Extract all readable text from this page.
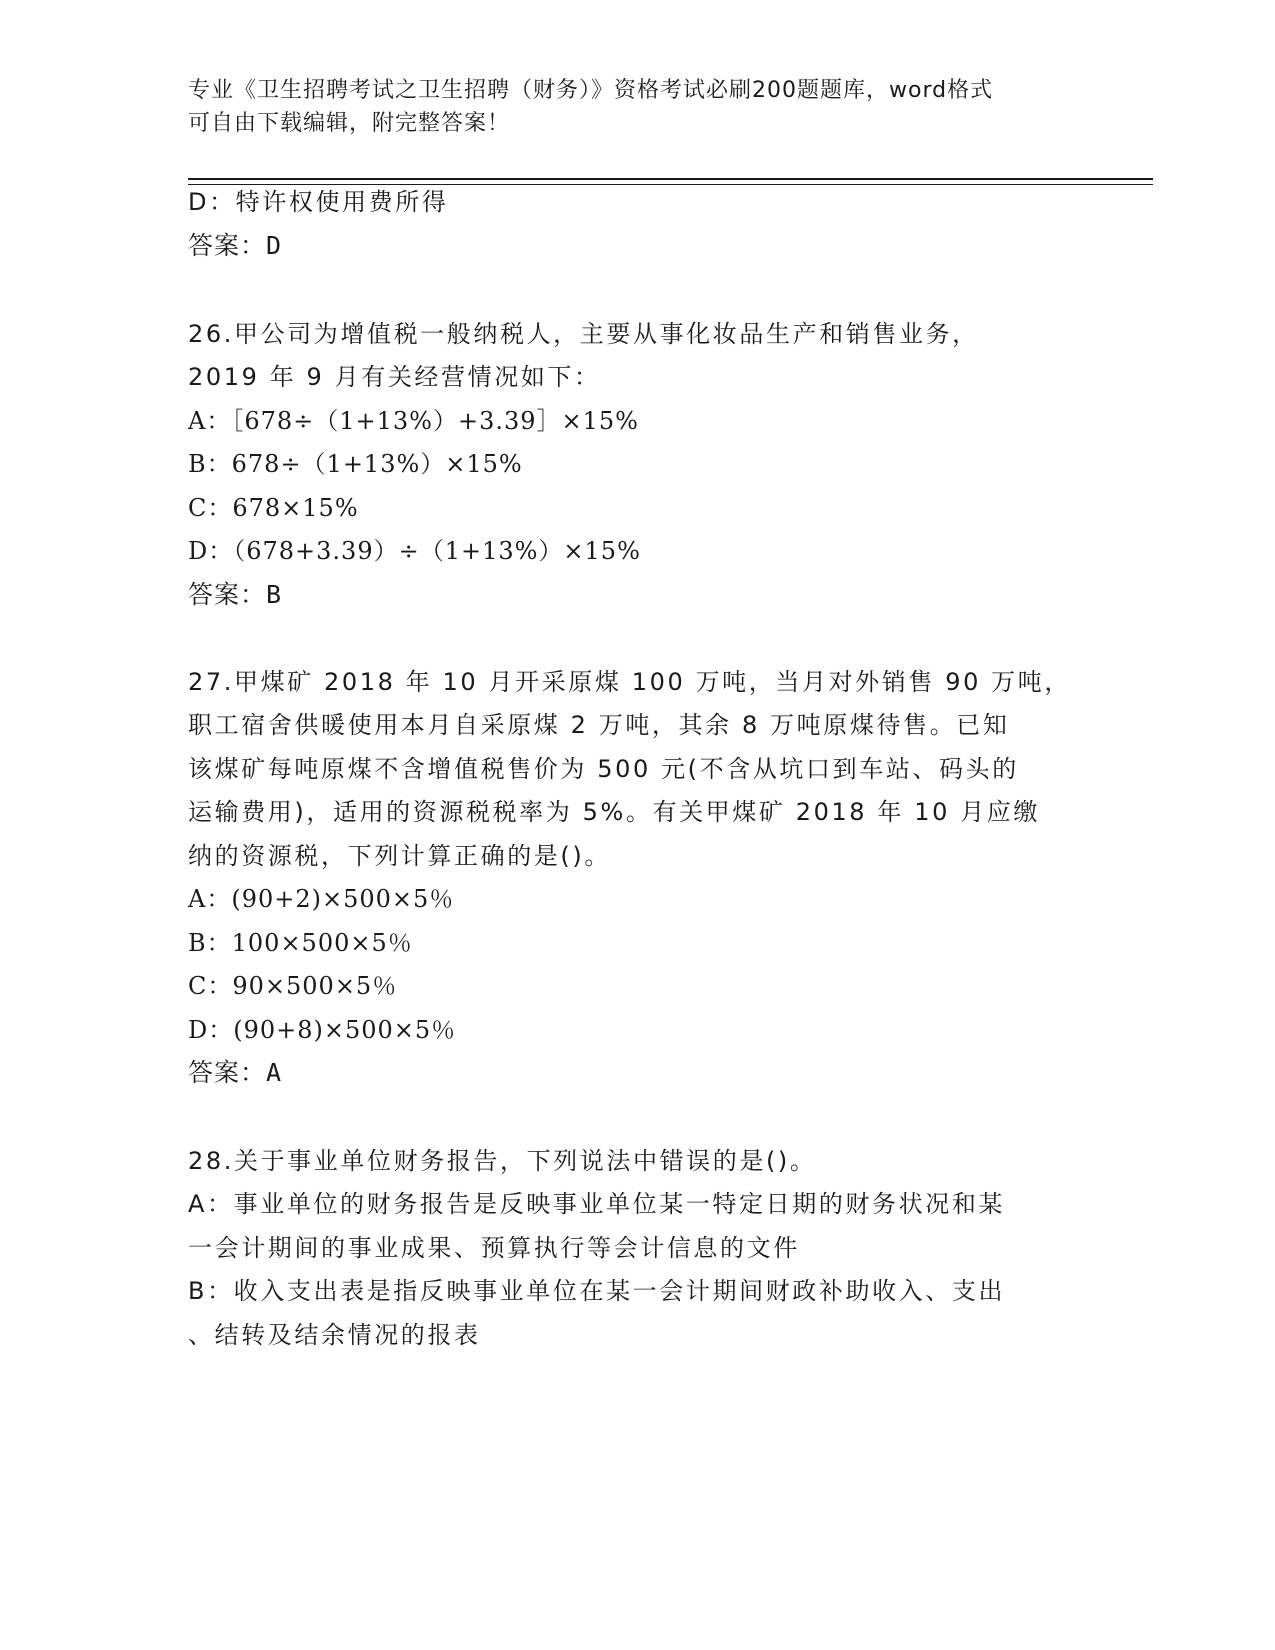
专业《卫生招聘考试之卫生招聘（财务）》资格考试必刷200题题库，word格式
可自由下载编辑，附完整答案！
D：特许权使用费所得
答案：D
26.甲公司为增值税一般纳税人，主要从事化妆品生产和销售业务，
2019 年 9 月有关经营情况如下：
A：［678÷（1+13%）+3.39］×15%
B：678÷（1+13%）×15%
C：678×15%
D：（678+3.39）÷（1+13%）×15%
答案：B
27.甲煤矿 2018 年 10 月开采原煤 100 万吨，当月对外销售 90 万吨，
职工宿舍供暖使用本月自采原煤 2 万吨，其余 8 万吨原煤待售。已知
该煤矿每吨原煤不含增值税售价为 500 元(不含从坑口到车站、码头的
运输费用)，适用的资源税税率为 5%。有关甲煤矿 2018 年 10 月应缴
纳的资源税，下列计算正确的是()。
A：(90+2)×500×5％
B：100×500×5％
C：90×500×5％
D：(90+8)×500×5％
答案：A
28.关于事业单位财务报告，下列说法中错误的是()。
A：事业单位的财务报告是反映事业单位某一特定日期的财务状况和某
一会计期间的事业成果、预算执行等会计信息的文件
B：收入支出表是指反映事业单位在某一会计期间财政补助收入、支出
、结转及结余情况的报表
